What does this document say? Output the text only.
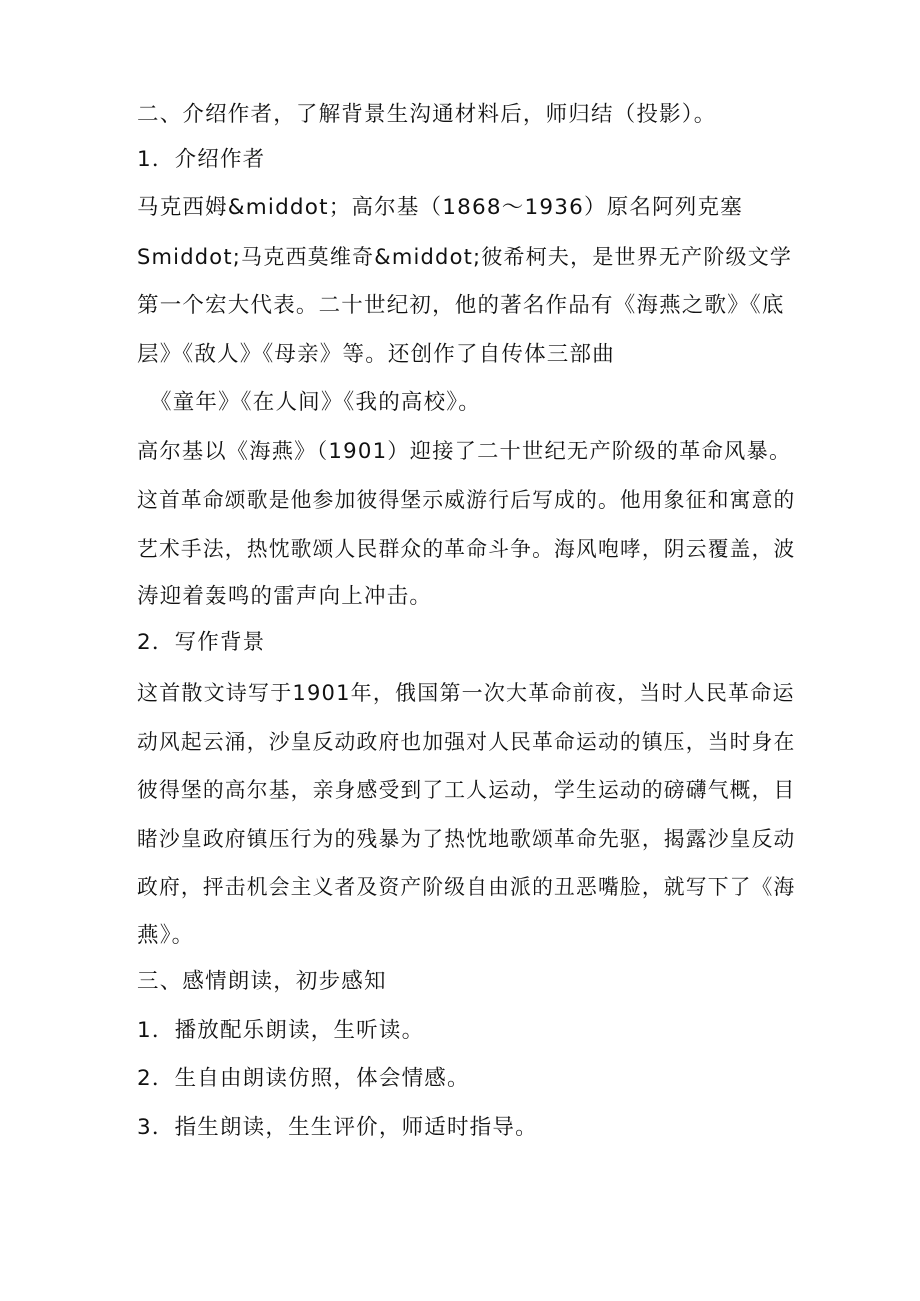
二、介绍作者，了解背景生沟通材料后，师归结（投影）。
1．介绍作者
马克西姆&middot；高尔基（1868～1936）原名阿列克塞
Smiddot;马克西莫维奇&middot;彼希柯夫，是世界无产阶级文学
第一个宏大代表。二十世纪初，他的著名作品有《海燕之歌》《底
层》《敌人》《母亲》等。还创作了自传体三部曲
《童年》《在人间》《我的高校》。
高尔基以《海燕》（1901）迎接了二十世纪无产阶级的革命风暴。
这首革命颂歌是他参加彼得堡示威游行后写成的。他用象征和寓意的
艺术手法，热忱歌颂人民群众的革命斗争。海风咆哮，阴云覆盖，波
涛迎着轰鸣的雷声向上冲击。
2．写作背景
这首散文诗写于1901年，俄国第一次大革命前夜，当时人民革命运
动风起云涌，沙皇反动政府也加强对人民革命运动的镇压，当时身在
彼得堡的高尔基，亲身感受到了工人运动，学生运动的磅礴气概，目
睹沙皇政府镇压行为的残暴为了热忱地歌颂革命先驱，揭露沙皇反动
政府，抨击机会主义者及资产阶级自由派的丑恶嘴脸，就写下了《海
燕》。
三、感情朗读，初步感知
1．播放配乐朗读，生听读。
2．生自由朗读仿照，体会情感。
3．指生朗读，生生评价，师适时指导。
